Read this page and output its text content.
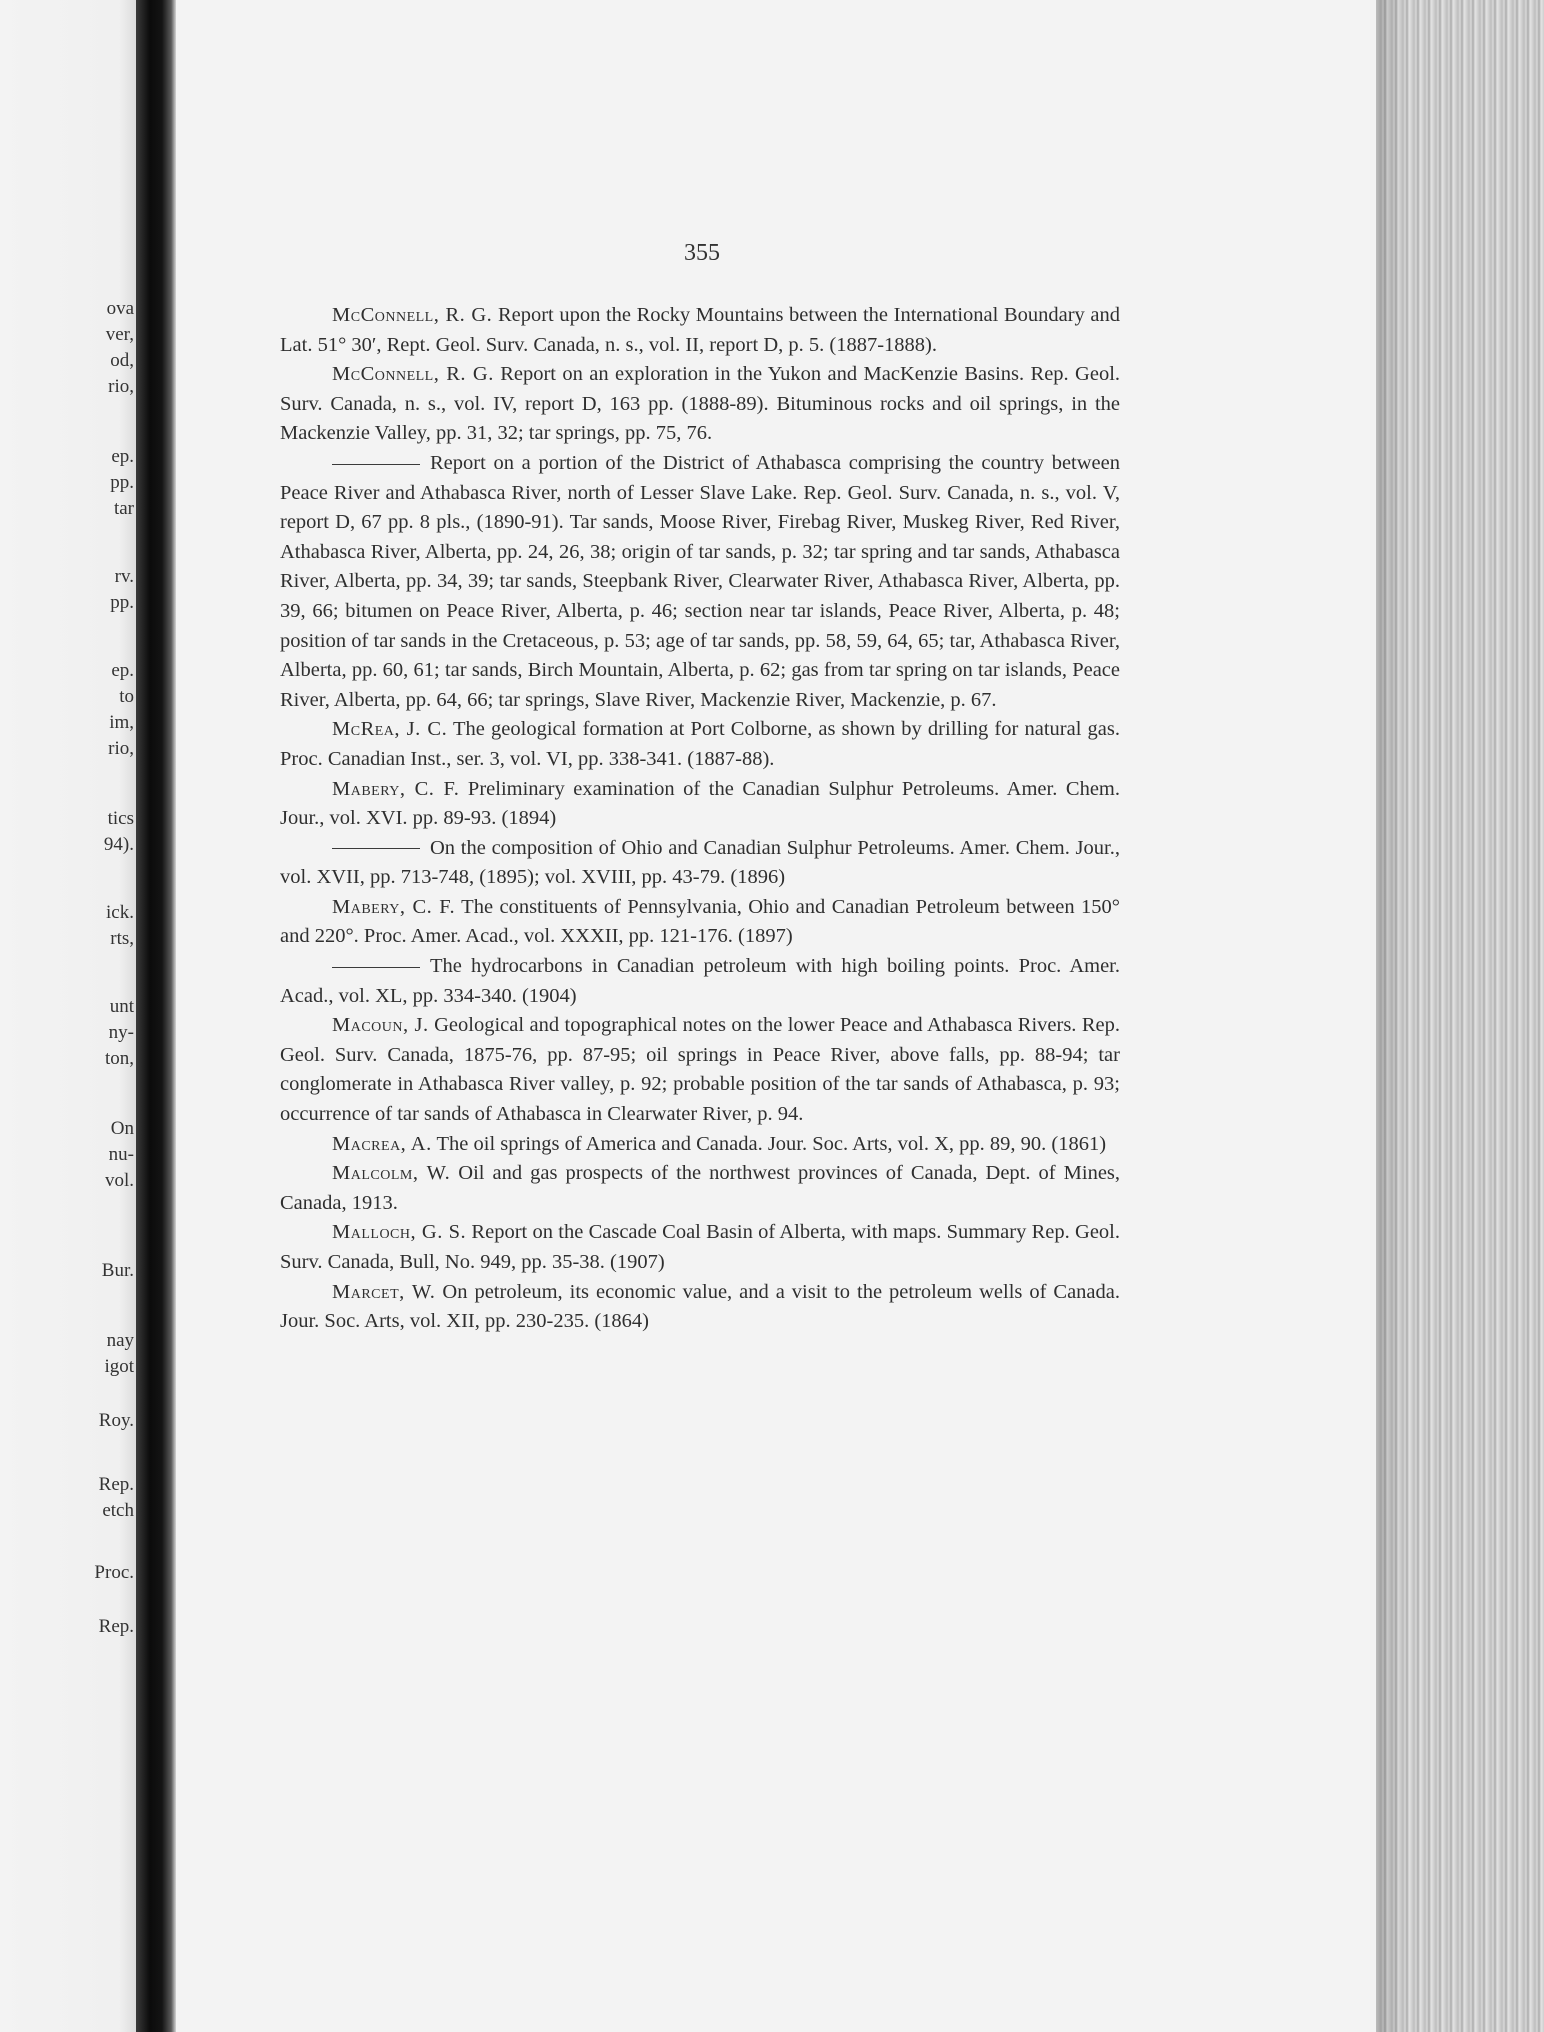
ova
ver,
od,
rio,
ep.
pp.
tar
rv.
pp.
ep.
to
im,
rio,
tics
94).
ick.
rts,
unt
ny-
ton,
On
nu-
vol.
Bur.
nay
igot
Roy.
Rep.
etch
Proc.
Rep.
355

McConnell, R. G. Report upon the Rocky Mountains between the International Boundary and Lat. 51° 30′, Rept. Geol. Surv. Canada, n. s., vol. II, report D, p. 5. (1887-1888).

McConnell, R. G. Report on an exploration in the Yukon and MacKenzie Basins. Rep. Geol. Surv. Canada, n. s., vol. IV, report D, 163 pp. (1888-89). Bituminous rocks and oil springs, in the Mackenzie Valley, pp. 31, 32; tar springs, pp. 75, 76.

Report on a portion of the District of Athabasca comprising the country between Peace River and Athabasca River, north of Lesser Slave Lake. Rep. Geol. Surv. Canada, n. s., vol. V, report D, 67 pp. 8 pls., (1890-91). Tar sands, Moose River, Firebag River, Muskeg River, Red River, Athabasca River, Alberta, pp. 24, 26, 38; origin of tar sands, p. 32; tar spring and tar sands, Athabasca River, Alberta, pp. 34, 39; tar sands, Steepbank River, Clearwater River, Athabasca River, Alberta, pp. 39, 66; bitumen on Peace River, Alberta, p. 46; section near tar islands, Peace River, Alberta, p. 48; position of tar sands in the Cretaceous, p. 53; age of tar sands, pp. 58, 59, 64, 65; tar, Athabasca River, Alberta, pp. 60, 61; tar sands, Birch Mountain, Alberta, p. 62; gas from tar spring on tar islands, Peace River, Alberta, pp. 64, 66; tar springs, Slave River, Mackenzie River, Mackenzie, p. 67.

McRea, J. C. The geological formation at Port Colborne, as shown by drilling for natural gas. Proc. Canadian Inst., ser. 3, vol. VI, pp. 338-341. (1887-88).

Mabery, C. F. Preliminary examination of the Canadian Sulphur Petroleums. Amer. Chem. Jour., vol. XVI. pp. 89-93. (1894)

On the composition of Ohio and Canadian Sulphur Petroleums. Amer. Chem. Jour., vol. XVII, pp. 713-748, (1895); vol. XVIII, pp. 43-79. (1896)

Mabery, C. F. The constituents of Pennsylvania, Ohio and Canadian Petroleum between 150° and 220°. Proc. Amer. Acad., vol. XXXII, pp. 121-176. (1897)

The hydrocarbons in Canadian petroleum with high boiling points. Proc. Amer. Acad., vol. XL, pp. 334-340. (1904)

Macoun, J. Geological and topographical notes on the lower Peace and Athabasca Rivers. Rep. Geol. Surv. Canada, 1875-76, pp. 87-95; oil springs in Peace River, above falls, pp. 88-94; tar conglomerate in Athabasca River valley, p. 92; probable position of the tar sands of Athabasca, p. 93; occurrence of tar sands of Athabasca in Clearwater River, p. 94.

Macrea, A. The oil springs of America and Canada. Jour. Soc. Arts, vol. X, pp. 89, 90. (1861)

Malcolm, W. Oil and gas prospects of the northwest provinces of Canada, Dept. of Mines, Canada, 1913.

Malloch, G. S. Report on the Cascade Coal Basin of Alberta, with maps. Summary Rep. Geol. Surv. Canada, Bull, No. 949, pp. 35-38. (1907)

Marcet, W. On petroleum, its economic value, and a visit to the petroleum wells of Canada. Jour. Soc. Arts, vol. XII, pp. 230-235. (1864)
